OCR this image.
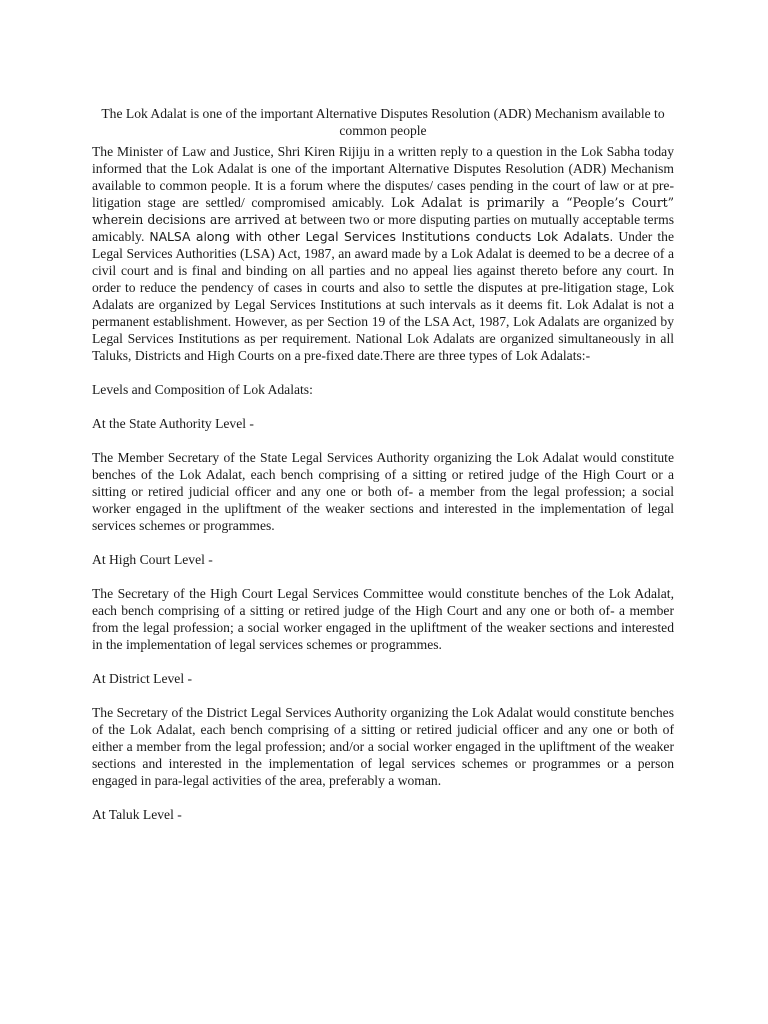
The Lok Adalat is one of the important Alternative Disputes Resolution (ADR) Mechanism available to common people

The Minister of Law and Justice, Shri Kiren Rijiju in a written reply to a question in the Lok Sabha today informed that the Lok Adalat is one of the important Alternative Disputes Resolution (ADR) Mechanism available to common people. It is a forum where the disputes/ cases pending in the court of law or at pre-litigation stage are settled/ compromised amicably. Lok Adalat is primarily a “People’s Court” wherein decisions are arrived at between two or more disputing parties on mutually acceptable terms amicably. NALSA along with other Legal Services Institutions conducts Lok Adalats. Under the Legal Services Authorities (LSA) Act, 1987, an award made by a Lok Adalat is deemed to be a decree of a civil court and is final and binding on all parties and no appeal lies against thereto before any court. In order to reduce the pendency of cases in courts and also to settle the disputes at pre-litigation stage, Lok Adalats are organized by Legal Services Institutions at such intervals as it deems fit. Lok Adalat is not a permanent establishment. However, as per Section 19 of the LSA Act, 1987, Lok Adalats are organized by Legal Services Institutions as per requirement. National Lok Adalats are organized simultaneously in all Taluks, Districts and High Courts on a pre-fixed date.There are three types of Lok Adalats:-

Levels and Composition of Lok Adalats:
At the State Authority Level -

The Member Secretary of the State Legal Services Authority organizing the Lok Adalat would constitute benches of the Lok Adalat, each bench comprising of a sitting or retired judge of the High Court or a sitting or retired judicial officer and any one or both of- a member from the legal profession; a social worker engaged in the upliftment of the weaker sections and interested in the implementation of legal services schemes or programmes.

At High Court Level -

The Secretary of the High Court Legal Services Committee would constitute benches of the Lok Adalat, each bench comprising of a sitting or retired judge of the High Court and any one or both of- a member from the legal profession; a social worker engaged in the upliftment of the weaker sections and interested in the implementation of legal services schemes or programmes.

At District Level -

The Secretary of the District Legal Services Authority organizing the Lok Adalat would constitute benches of the Lok Adalat, each bench comprising of a sitting or retired judicial officer and any one or both of either a member from the legal profession; and/or a social worker engaged in the upliftment of the weaker sections and interested in the implementation of legal services schemes or programmes or a person engaged in para-legal activities of the area, preferably a woman.

At Taluk Level -
